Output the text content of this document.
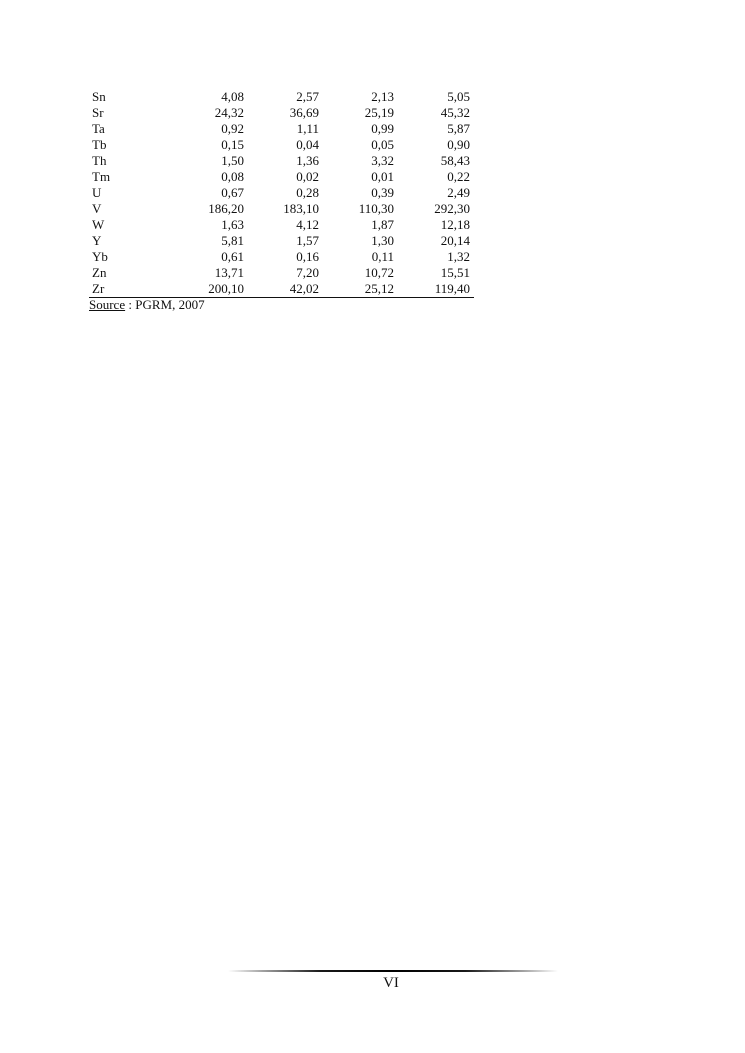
Sn	4,08	2,57	2,13	5,05
Sr	24,32	36,69	25,19	45,32
Ta	0,92	1,11	0,99	5,87
Tb	0,15	0,04	0,05	0,90
Th	1,50	1,36	3,32	58,43
Tm	0,08	0,02	0,01	0,22
U	0,67	0,28	0,39	2,49
V	186,20	183,10	110,30	292,30
W	1,63	4,12	1,87	12,18
Y	5,81	1,57	1,30	20,14
Yb	0,61	0,16	0,11	1,32
Zn	13,71	7,20	10,72	15,51
Zr	200,10	42,02	25,12	119,40
Source : PGRM, 2007
VI
